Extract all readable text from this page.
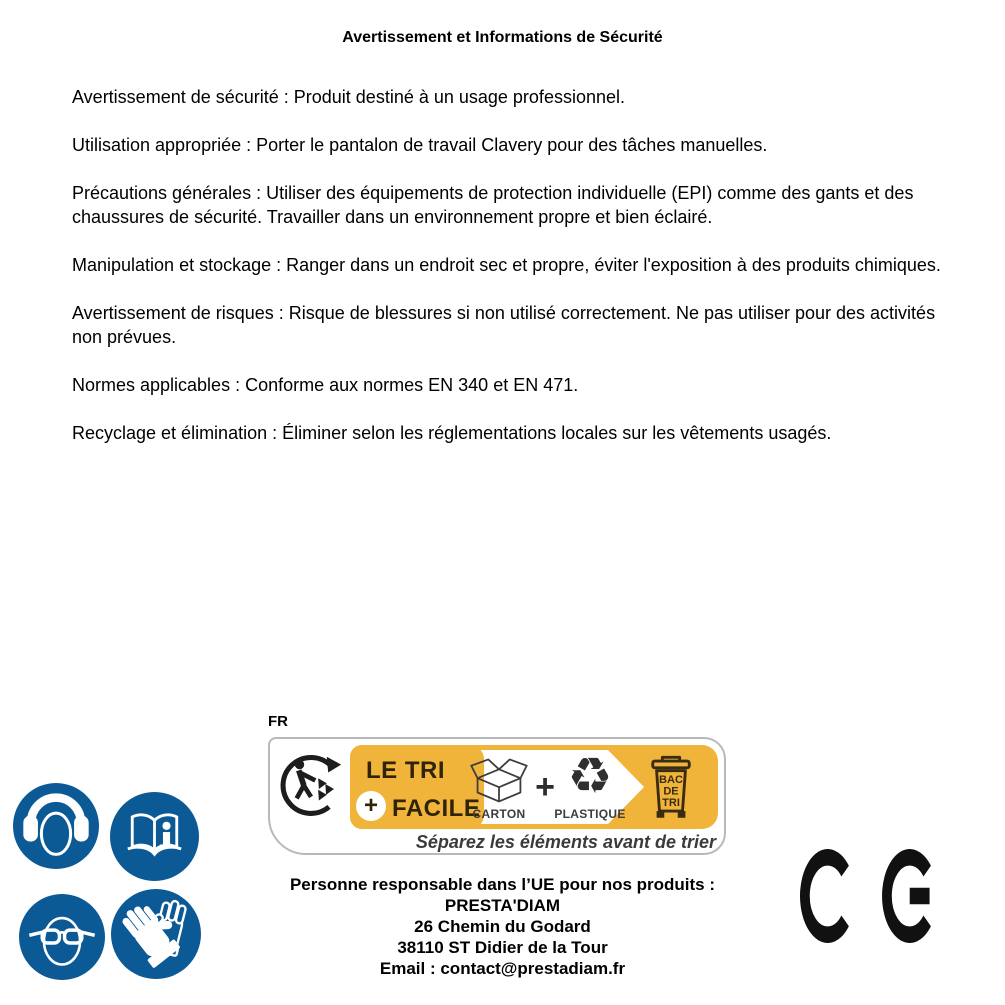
Avertissement et Informations de Sécurité

Avertissement de sécurité : Produit destiné à un usage professionnel.

Utilisation appropriée : Porter le pantalon de travail Clavery pour des tâches manuelles.

Précautions générales : Utiliser des équipements de protection individuelle (EPI) comme des gants et des chaussures de sécurité. Travailler dans un environnement propre et bien éclairé.

Manipulation et stockage : Ranger dans un endroit sec et propre, éviter l'exposition à des produits chimiques.

Avertissement de risques : Risque de blessures si non utilisé correctement. Ne pas utiliser pour des activités non prévues.

Normes applicables : Conforme aux normes EN 340 et EN 471.

Recyclage et élimination : Éliminer selon les réglementations locales sur les vêtements usagés.

FR
LE TRI
+ FACILE
CARTON
+ ♻
PLASTIQUE
BAC
DE
TRI
Séparez les éléments avant de trier
Personne responsable dans l’UE pour nos produits :
PRESTA'DIAM
26 Chemin du Godard
38110 ST Didier de la Tour
Email : contact@prestadiam.fr
